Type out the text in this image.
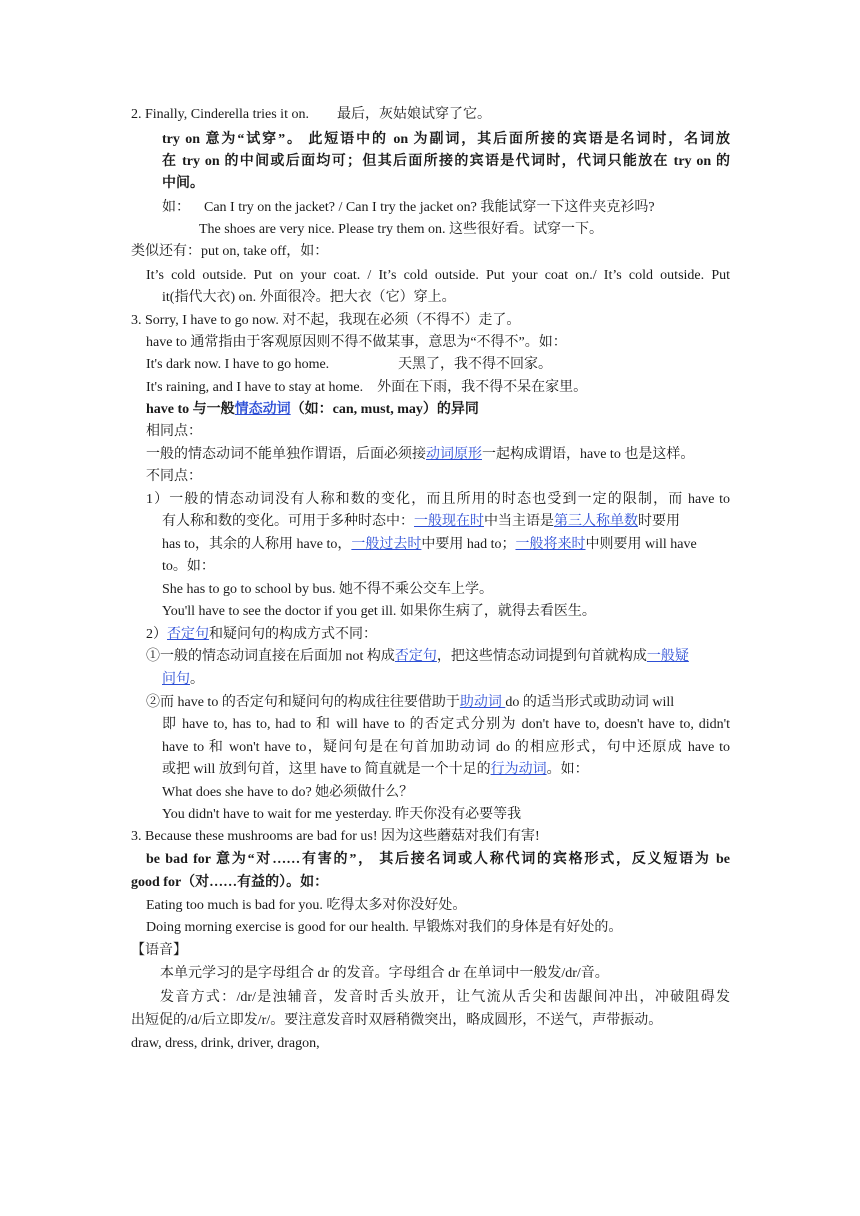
2. Finally, Cinderella tries it on. 最后，灰姑娘试穿了它。
try on 意为“试穿”。 此短语中的 on 为副词，其后面所接的宾语是名词时，名词放
在 try on 的中间或后面均可；但其后面所接的宾语是代词时，代词只能放在 try on 的
中间。
如： Can I try on the jacket? / Can I try the jacket on? 我能试穿一下这件夹克衫吗?
The shoes are very nice. Please try them on. 这些很好看。试穿一下。
类似还有：put on, take off，如：
It’s cold outside. Put on your coat. / It’s cold outside. Put your coat on./ It’s cold outside. Put
it(指代大衣) on. 外面很冷。把大衣（它）穿上。
3. Sorry, I have to go now. 对不起，我现在必须（不得不）走了。
have to 通常指由于客观原因则不得不做某事，意思为“不得不”。如：
It's dark now. I have to go home.	天黑了，我不得不回家。
It's raining, and I have to stay at home. 外面在下雨，我不得不呆在家里。
have to 与一般情态动词（如：can, must, may）的异同
相同点：
一般的情态动词不能单独作谓语，后面必须接动词原形一起构成谓语，have to 也是这样。
不同点：
1）一般的情态动词没有人称和数的变化，而且所用的时态也受到一定的限制，而 have to
有人称和数的变化。可用于多种时态中：一般现在时中当主语是第三人称单数时要用
has to，其余的人称用 have to，一般过去时中要用 had to；一般将来时中则要用 will have
to。如：
She has to go to school by bus. 她不得不乘公交车上学。
You'll have to see the doctor if you get ill. 如果你生病了，就得去看医生。
2）否定句和疑问句的构成方式不同：
①一般的情态动词直接在后面加 not 构成否定句，把这些情态动词提到句首就构成一般疑
问句。
②而 have to 的否定句和疑问句的构成往往要借助于助动词 do 的适当形式或助动词 will
即 have to, has to, had to 和 will have to 的否定式分别为 don't have to, doesn't have to, didn't
have to 和 won't have to，疑问句是在句首加助动词 do 的相应形式，句中还原成 have to
或把 will 放到句首，这里 have to 简直就是一个十足的行为动词。如：
What does she have to do? 她必须做什么？
You didn't have to wait for me yesterday. 昨天你没有必要等我
3. Because these mushrooms are bad for us! 因为这些蘑菇对我们有害!
be bad for 意为“对……有害的”， 其后接名词或人称代词的宾格形式，反义短语为 be
good for（对……有益的）。如：
Eating too much is bad for you. 吃得太多对你没好处。
Doing morning exercise is good for our health. 早锻炼对我们的身体是有好处的。
【语音】
本单元学习的是字母组合 dr 的发音。字母组合 dr 在单词中一般发/dr/音。
发音方式：/dr/是浊辅音，发音时舌头放开，让气流从舌尖和齿龈间冲出，冲破阻碍发
出短促的/d/后立即发/r/。要注意发音时双唇稍微突出，略成圆形，不送气，声带振动。
draw, dress, drink, driver, dragon,
